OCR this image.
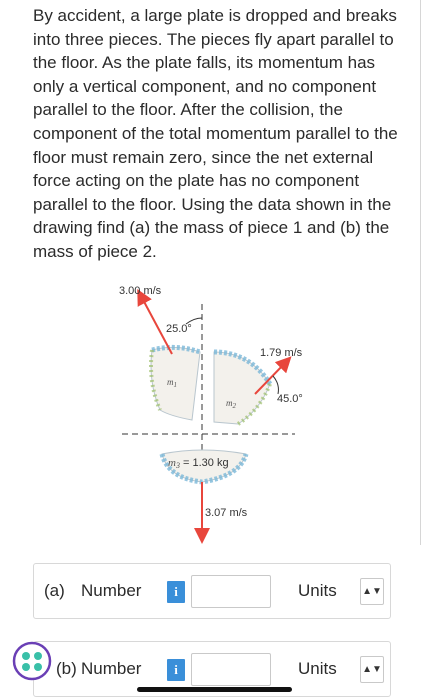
By accident, a large plate is dropped and breaks into three pieces. The pieces fly apart parallel to the floor. As the plate falls, its momentum has only a vertical component, and no component parallel to the floor. After the collision, the component of the total momentum parallel to the floor must remain zero, since the net external force acting on the plate has no component parallel to the floor. Using the data shown in the drawing find (a) the mass of piece 1 and (b) the mass of piece 2.

3.00 m/s
25.0°
1.79 m/s
45.0°
$m_1$
$m_2$
m3 = 1.30 kg
3.07 m/s
(a) Number	i	Units	▲▼
(b) Number	i	Units	▲▼
